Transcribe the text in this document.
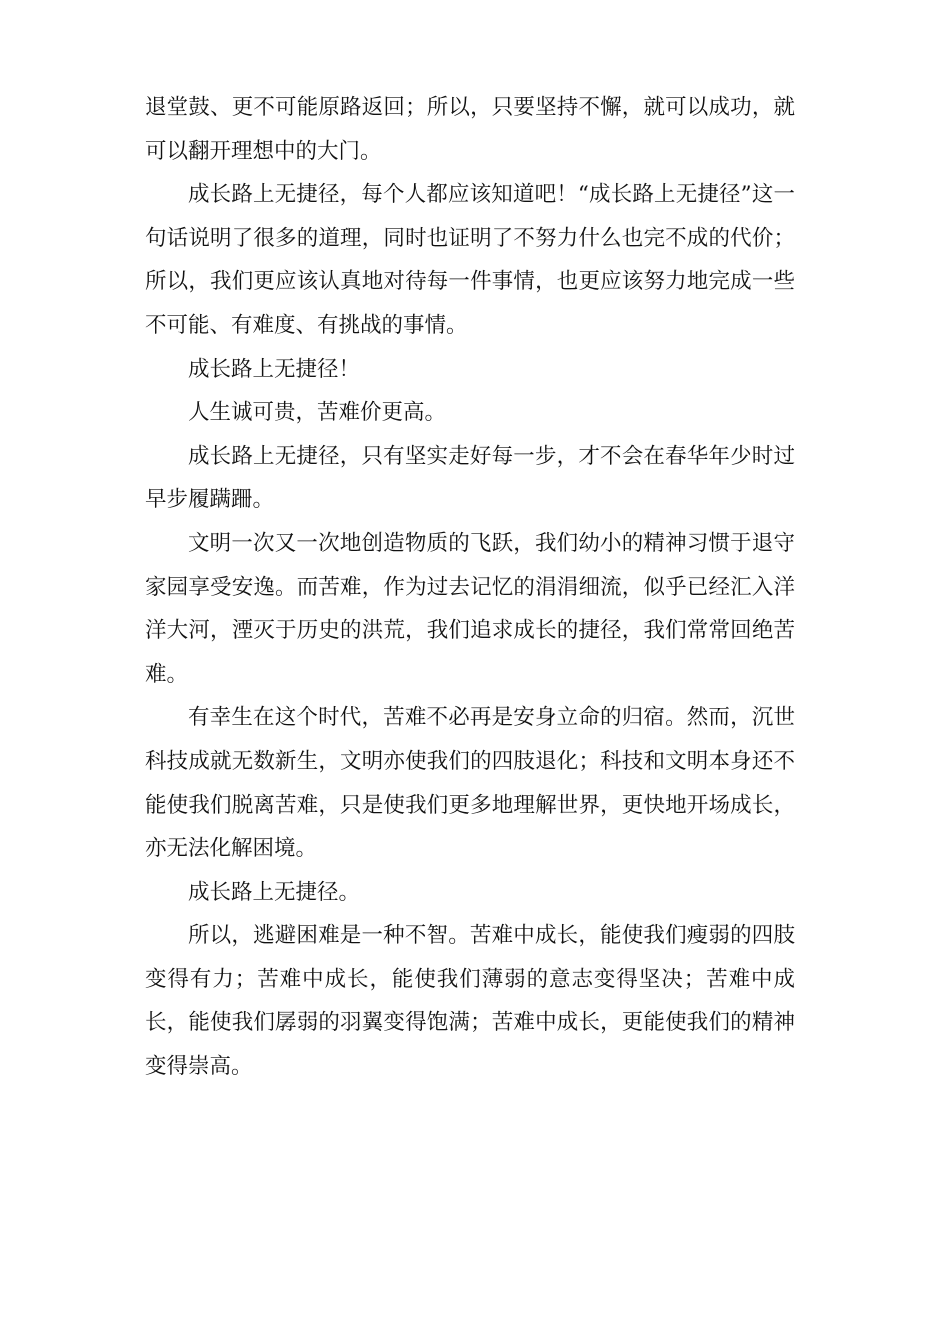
退堂鼓、更不可能原路返回；所以，只要坚持不懈，就可以成功，就可以翻开理想中的大门。

成长路上无捷径，每个人都应该知道吧！“成长路上无捷径”这一句话说明了很多的道理，同时也证明了不努力什么也完不成的代价；所以，我们更应该认真地对待每一件事情，也更应该努力地完成一些不可能、有难度、有挑战的事情。

成长路上无捷径！

人生诚可贵，苦难价更高。

成长路上无捷径，只有坚实走好每一步，才不会在春华年少时过早步履蹒跚。

文明一次又一次地创造物质的飞跃，我们幼小的精神习惯于退守家园享受安逸。而苦难，作为过去记忆的涓涓细流，似乎已经汇入洋洋大河，湮灭于历史的洪荒，我们追求成长的捷径，我们常常回绝苦难。

有幸生在这个时代，苦难不必再是安身立命的归宿。然而，沉世科技成就无数新生，文明亦使我们的四肢退化；科技和文明本身还不能使我们脱离苦难，只是使我们更多地理解世界，更快地开场成长，亦无法化解困境。

成长路上无捷径。

所以，逃避困难是一种不智。苦难中成长，能使我们瘦弱的四肢变得有力；苦难中成长，能使我们薄弱的意志变得坚决；苦难中成长，能使我们孱弱的羽翼变得饱满；苦难中成长，更能使我们的精神变得崇高。
